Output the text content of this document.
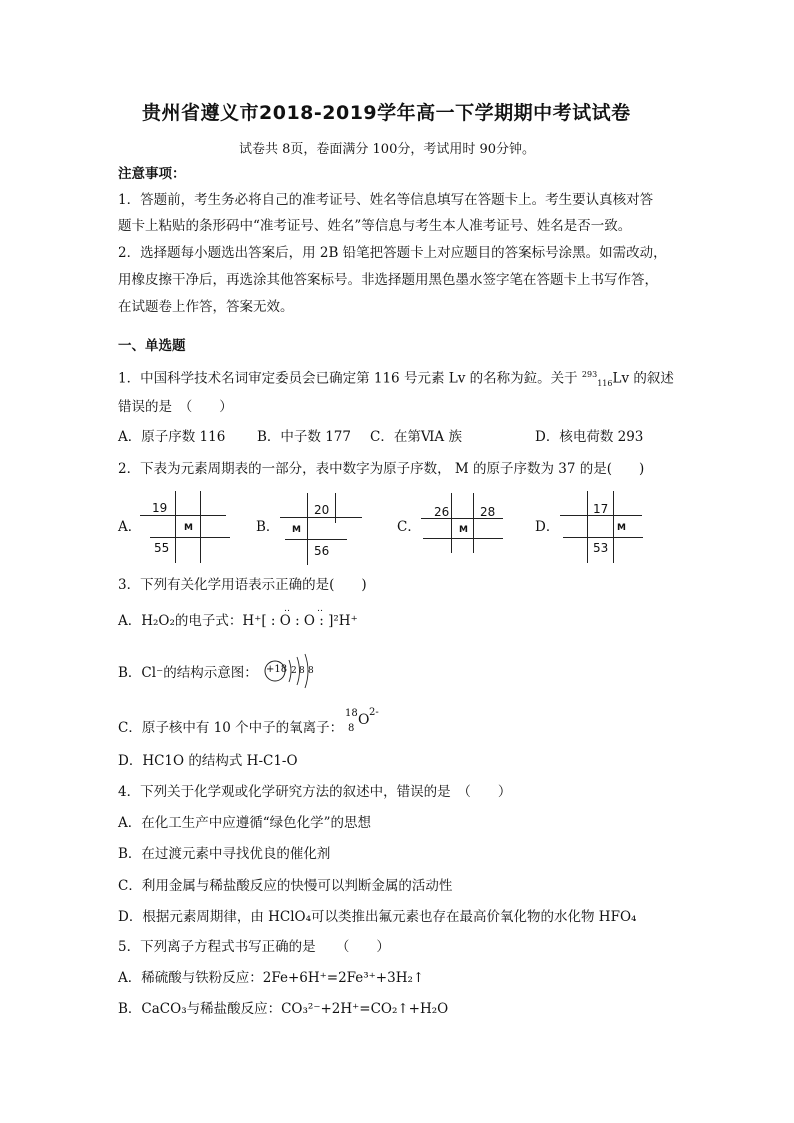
贵州省遵义市2018-2019学年高一下学期期中考试试卷
试卷共 8页，卷面满分 100分，考试用时 90分钟。
注意事项：
1．答题前，考生务必将自己的准考证号、姓名等信息填写在答题卡上。考生要认真核对答
题卡上粘贴的条形码中“准考证号、姓名”等信息与考生本人准考证号、姓名是否一致。
2．选择题每小题选出答案后，用 2B 铅笔把答题卡上对应题目的答案标号涂黑。如需改动，
用橡皮擦干净后，再选涂其他答案标号。非选择题用黑色墨水签字笔在答题卡上书写作答，
在试题卷上作答，答案无效。
一、单选题
1．中国科学技术名词审定委员会已确定第 116 号元素 Lv 的名称为鉝。关于 $^{293}_{116}$Lv 的叙述
错误的是　（　　）
A．原子序数 116 B．中子数 177 C．在第ⅥA 族	D．核电荷数 293
2．下表为元素周期表的一部分，表中数字为原子序数， M 的原子序数为 37 的是(　　)
A．
19
M
55
B．
20
M
56
C．
26
M
28
D．
17
M
53
3．下列有关化学用语表示正确的是(　　)
A．H₂O₂的电子式：H⁺[ : O : O : ]²H⁺
‥‥
B．Cl⁻的结构示意图： +18 2 8 8
C．原子核中有 10 个中子的氧离子：
18
8
O 2-
D．HC1O 的结构式 H-C1-O
4．下列关于化学观或化学研究方法的叙述中，错误的是　（　　）
A．在化工生产中应遵循“绿色化学”的思想
B．在过渡元素中寻找优良的催化剂
C．利用金属与稀盐酸反应的快慢可以判断金属的活动性
D．根据元素周期律，由 HClO₄可以类推出氟元素也存在最高价氧化物的水化物 HFO₄
5．下列离子方程式书写正确的是　　（　　）
A．稀硫酸与铁粉反应：2Fe+6H⁺=2Fe³⁺+3H₂↑
B．CaCO₃与稀盐酸反应：CO₃²⁻+2H⁺=CO₂↑+H₂O
